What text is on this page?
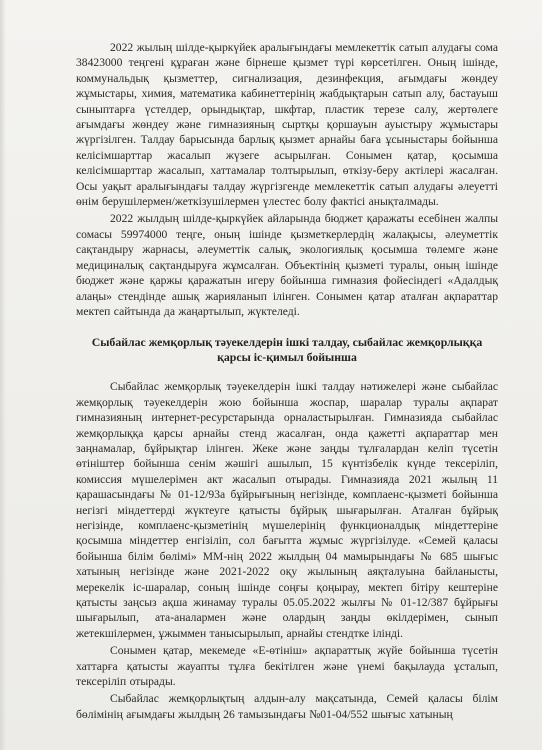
2022 жылың шілде-қыркүйек аралығындағы мемлекеттік сатып алудағы сома 38423000 теңгені құраған және бірнеше қызмет түрі көрсетілген. Оның ішінде, коммунальдық қызметтер, сигнализация, дезинфекция, ағымдағы жөндеу жұмыстары, химия, математика кабинеттерінің жабдықтарын сатып алу, бастауыш сыныптарға үстелдер, орындықтар, шкфтар, пластик терезе салу, жертөлеге ағымдағы жөндеу және гимназияның сыртқы қоршауын ауыстыру жұмыстары жүргізілген. Талдау барысында барлық қызмет арнайы баға ұсыныстары бойынша келісімшарттар жасалып жүзеге асырылған. Сонымен қатар, қосымша келісімшарттар жасалып, хаттамалар толтырылып, өткізу-беру актілері жасалған. Осы уақыт аралығындағы талдау жүргізгенде мемлекеттік сатып алудағы әлеуетті өнім берушілермен/жеткізушілермен үлестес болу фактісі анықталмады.

2022 жылдың шілде-қыркүйек айларында бюджет қаражаты есебінен жалпы сомасы 59974000 теңге, оның ішінде қызметкерлердің жалақысы, әлеуметтік сақтандыру жарнасы, әлеуметтік салық, экологиялық қосымша төлемге және медициналық сақтандыруға жұмсалған. Объектінің қызметі туралы, оның ішінде бюджет және қаржы қаражатын игеру бойынша гимназия фойесіндегі «Адалдық алаңы» стендінде ашық жарияланып ілінген. Сонымен қатар аталған ақпараттар мектеп сайтында да жаңартылып, жүктеледі.

Сыбайлас жемқорлық тәуекелдерін ішкі талдау, сыбайлас жемқорлыққа
қарсы іс-қимыл бойынша

Сыбайлас жемқорлық тәуекелдерін ішкі талдау нәтижелері және сыбайлас жемқорлық тәуекелдерін жою бойынша жоспар, шаралар туралы ақпарат гимназияның интернет-ресурстарында орналастырылған. Гимназияда сыбайлас жемқорлыққа қарсы арнайы стенд жасалған, онда қажетті ақпараттар мен заңнамалар, бұйрықтар ілінген. Жеке және заңды тұлғалардан келіп түсетін өтініштер бойынша сенім жәшігі ашылып, 15 күнтізбелік күнде тексеріліп, комиссия мүшелерімен акт жасалып отырады. Гимназияда 2021 жылың 11 қарашасындағы № 01-12/93а бұйрығының негізінде, комплаенс-қызметі бойынша негізгі міндеттерді жүктеуге қатысты бұйрық шығарылған. Аталған бұйрық негізінде, комплаенс-қызметінің мүшелерінің функционалдық міндеттеріне қосымша міндеттер енгізіліп, сол бағытта жұмыс жүргізілуде. «Семей қаласы бойынша білім бөлімі» ММ-нің 2022 жылдың 04 мамырындағы № 685 шығыс хатының негізінде және 2021-2022 оқу жылының аяқталуына байланысты, мерекелік іс-шаралар, соның ішінде соңғы қоңырау, мектеп бітіру кештеріне қатысты заңсыз ақша жинамау туралы 05.05.2022 жылғы № 01-12/387 бұйрығы шығарылып, ата-аналармен және олардың заңды өкілдерімен, сынып жетекшілермен, ұжыммен танысырылып, арнайы стендтке ілінді.

Сонымен қатар, мекемеде «Е-өтініш» ақпараттық жүйе бойынша түсетін хаттарға қатысты жауапты тұлға бекітілген және үнемі бақылауда ұсталып, тексеріліп отырады.

Сыбайлас жемқорлықтың алдын-алу мақсатында, Семей қаласы білім бөлімінің ағымдағы жылдың 26 тамызындағы №01-04/552 шығыс хатының
